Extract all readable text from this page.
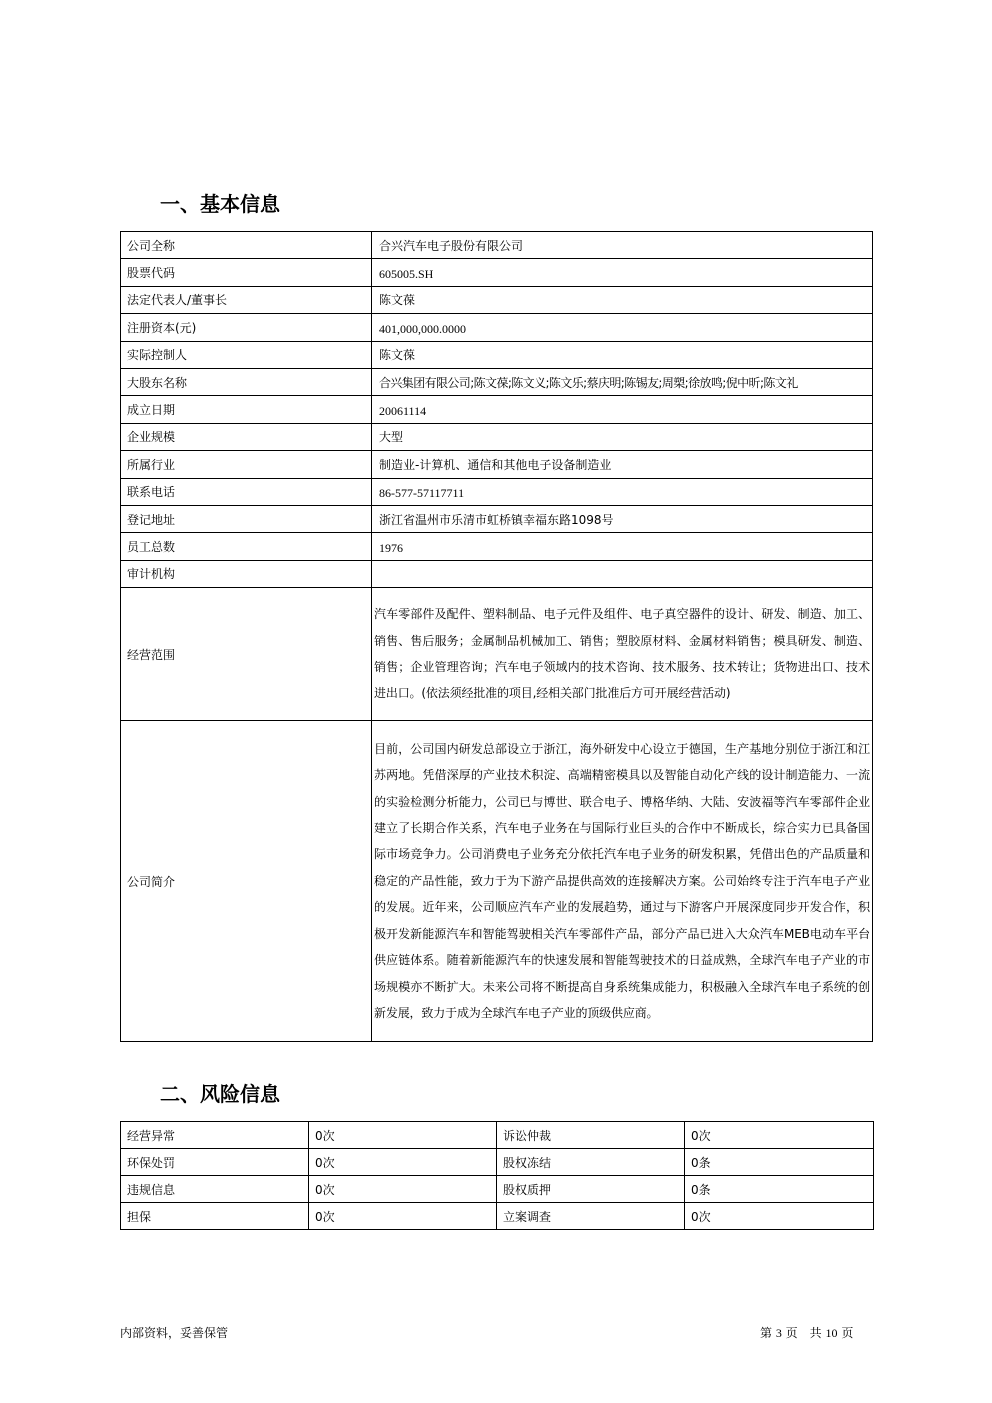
一、基本信息
公司全称	合兴汽车电子股份有限公司
股票代码	605005.SH
法定代表人/董事长	陈文葆
注册资本(元)	401,000,000.0000
实际控制人	陈文葆
大股东名称	合兴集团有限公司;陈文葆;陈文义;陈文乐;蔡庆明;陈锡友;周槊;徐放鸣;倪中昕;陈文礼
成立日期	20061114
企业规模	大型
所属行业	制造业-计算机、通信和其他电子设备制造业
联系电话	86-577-57117711
登记地址	浙江省温州市乐清市虹桥镇幸福东路1098号
员工总数	1976
审计机构	
经营范围	汽车零部件及配件、塑料制品、电子元件及组件、电子真空器件的设计、研发、制造、加工、销售、售后服务；金属制品机械加工、销售；塑胶原材料、金属材料销售；模具研发、制造、销售；企业管理咨询；汽车电子领域内的技术咨询、技术服务、技术转让；货物进出口、技术进出口。(依法须经批准的项目,经相关部门批准后方可开展经营活动)
公司简介	目前，公司国内研发总部设立于浙江，海外研发中心设立于德国，生产基地分别位于浙江和江苏两地。凭借深厚的产业技术积淀、高端精密模具以及智能自动化产线的设计制造能力、一流的实验检测分析能力，公司已与博世、联合电子、博格华纳、大陆、安波福等汽车零部件企业建立了长期合作关系，汽车电子业务在与国际行业巨头的合作中不断成长，综合实力已具备国际市场竞争力。公司消费电子业务充分依托汽车电子业务的研发积累，凭借出色的产品质量和稳定的产品性能，致力于为下游产品提供高效的连接解决方案。公司始终专注于汽车电子产业的发展。近年来，公司顺应汽车产业的发展趋势，通过与下游客户开展深度同步开发合作，积极开发新能源汽车和智能驾驶相关汽车零部件产品，部分产品已进入大众汽车MEB电动车平台供应链体系。随着新能源汽车的快速发展和智能驾驶技术的日益成熟，全球汽车电子产业的市场规模亦不断扩大。未来公司将不断提高自身系统集成能力，积极融入全球汽车电子系统的创新发展，致力于成为全球汽车电子产业的顶级供应商。
二、风险信息
经营异常	0次	诉讼仲裁	0次
环保处罚	0次	股权冻结	0条
违规信息	0次	股权质押	0条
担保	0次	立案调查	0次
内部资料，妥善保管	第 3 页　共 10 页
